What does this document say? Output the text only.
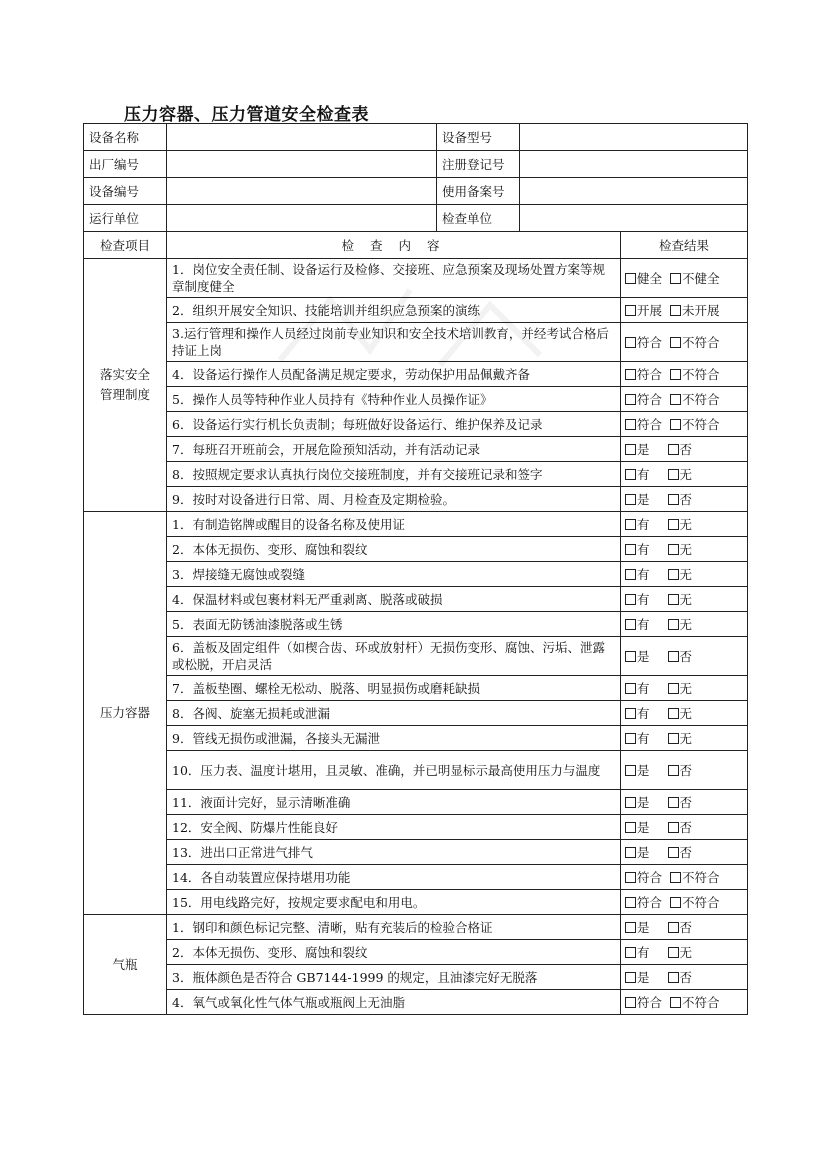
压力容器、压力管道安全检查表
设备名称		设备型号		
出厂编号		注册登记号		
设备编号		使用备案号		
运行单位		检查单位		
检查项目	检 查 内 容			检查结果
落实安全管理制度	1．岗位安全责任制、设备运行及检修、交接班、应急预案及现场处置方案等规章制度健全			健全 不健全
	2．组织开展安全知识、技能培训并组织应急预案的演练			开展 未开展
	3.运行管理和操作人员经过岗前专业知识和安全技术培训教育，并经考试合格后持证上岗			符合 不符合
	4．设备运行操作人员配备满足规定要求，劳动保护用品佩戴齐备			符合 不符合
	5．操作人员等特种作业人员持有《特种作业人员操作证》			符合 不符合
	6．设备运行实行机长负责制；每班做好设备运行、维护保养及记录			符合 不符合
	7．每班召开班前会，开展危险预知活动，并有活动记录			是 否
	8．按照规定要求认真执行岗位交接班制度，并有交接班记录和签字			有 无
	9．按时对设备进行日常、周、月检查及定期检验。			是 否
压力容器	1．有制造铭牌或醒目的设备名称及使用证			有 无
	2．本体无损伤、变形、腐蚀和裂纹			有 无
	3．焊接缝无腐蚀或裂缝			有 无
	4．保温材料或包裹材料无严重剥离、脱落或破损			有 无
	5．表面无防锈油漆脱落或生锈			有 无
	6．盖板及固定组件（如楔合齿、环或放射杆）无损伤变形、腐蚀、污垢、泄露或松脱，开启灵活			是 否
	7．盖板垫圈、螺栓无松动、脱落、明显损伤或磨耗缺损			有 无
	8．各阀、旋塞无损耗或泄漏			有 无
	9．管线无损伤或泄漏，各接头无漏泄			有 无
	10．压力表、温度计堪用，且灵敏、准确，并已明显标示最高使用压力与温度			是 否
	11．液面计完好，显示清晰准确			是 否
	12．安全阀、防爆片性能良好			是 否
	13．进出口正常进气排气			是 否
	14．各自动装置应保持堪用功能			符合 不符合
	15．用电线路完好，按规定要求配电和用电。			符合 不符合
气瓶	1．钢印和颜色标记完整、清晰，贴有充装后的检验合格证			是 否
	2．本体无损伤、变形、腐蚀和裂纹			有 无
	3．瓶体颜色是否符合 GB7144-1999 的规定，且油漆完好无脱落			是 否
	4．氧气或氧化性气体气瓶或瓶阀上无油脂			符合 不符合
